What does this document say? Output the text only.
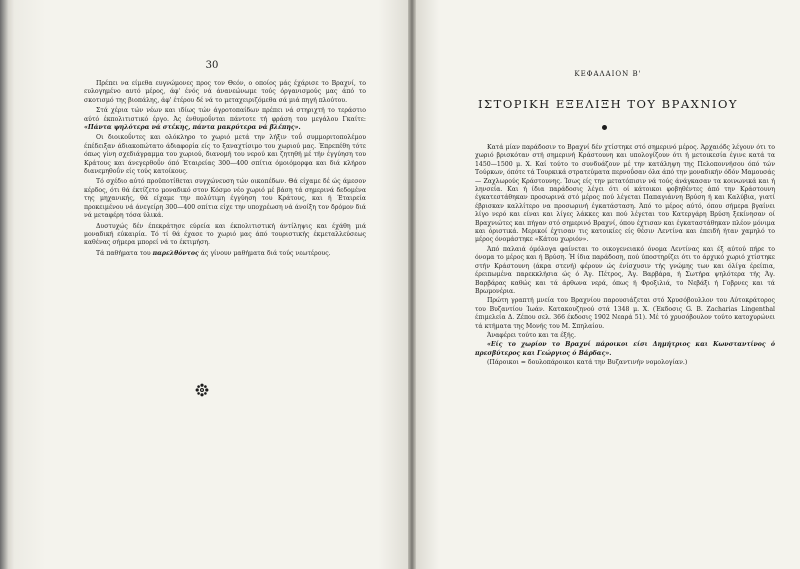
30

Πρέπει να είμεθα ευγνώμονες προς τον Θεόν, ο οποίος μάς έχάρισε το Βραχνί, το ευλογημένο αυτό μέρος, άφ' ένός νά άνανεώνωμε τούς όργανισμούς μας άπό το σκοτισμό της βιοπάλης, άφ' έτέρου δέ νά το μεταχειριζόμεθα σά μιά πηγή πλούτου.

Στά χέρια τών νέων και ιδίως τών άγροτοπαίδων πρέπει νά στηριχτή το τεράστιο αύτό έκπολιτιστικό έργο. Άς ένθυμοΰνται πάντοτε τή φράση του μεγάλου Γκαίτε: «Πάντα ψηλότερα νά στέκης, πάντα μακρύτερα νά βλέπης».

Οι διοικοΰντες και ολόκληρο το χωριό μετά την λήξιν τοΰ συμμοριτοπολέμου έπέδειξαν άδιακοπώτατο άδιαφορία είς το ξαναχτίσιμο του χωριού μας. Έπρεπέθη τότε όπως γίνη σχεδιάγραμμα του χωριού, διανομή του νερού και ζητηθή μέ τήν έγγύηση του Κράτους και άνεγερθοΰν όπό Έταιρείας 300—400 σπίτια όμοιόμορφα και διά κλήρου διανεμηθοΰν είς τούς κατοίκους.

Τό σχέδιο αύτό προϋποτίθεται συγχώνευση τών οικοπέδων. Θά είχαμε δέ ώς άμεσον κέρδος, ότι θά έκτίζετο μοναδικό στον Κόσμο νέο χωριό μέ βάση τά σημερινά δεδομένα της μηχανικής, θά είχαμε την πολύτιμη έγγύηση του Κράτους, και ή Έταιρεία προκειμένου νά άνεγείρη 300—400 σπίτια είχε την υποχρέωση νά άνοίξη τον δρόμον διά νά μεταφέρη τόσα ύλικά.

Δυστυχώς δέν έπεκράτησε εύρεία και έκπολιτιστική άντίληψις και έχάθη μιά μοναδική εύκαιρία. Τό τί θά έχασε το χωριό μας άπό τουριστικής έκμεταλλεύσεως καθένας σήμερα μπορεί νά το έκτιμήση.

Τά παθήματα του παρελθόντος άς γίνουν μαθήματα διά τούς νεωτέρους.

ΚΕΦΑΛΑΙΟΝ Β'
ΙΣΤΟΡΙΚΗ ΕΞΕΛΙΞΗ ΤΟΥ ΒΡΑΧΝΙΟΥ

Κατά μίαν παράδοσιν το Βραχνί δέν χτίστηκε στό σημερινό μέρος. Άρχαιόδς λέγουν ότι το χωριό βρισκόταν στή σημερινή Κράστουνη και υπολογίζουν ότι ή μετοικεσία έγινε κατά τα 1450—1500 μ. Χ. Καί τούτο το συνδυάζουν μέ την κατάληψη της Πελοποννήσου όπό τών Τούρκων, όπότε τά Τουρκικά στρατεύματα περνοΰσαν όλα άπό την μοναδικήν όδόν Μαμουσάς — Ζαχλωρούς Κράστουνης. Ίσως είς την μετατόπισιν νά τούς άνάγκασαν τα κοινωνικά και ή ληνσεία. Και ή ίδια παράδοσις λέγει ότι οί κάτοικοι φοβηθέντες άπό την Κράστουνη έγκατεστάθηκαν προσωρινά στό μέρος πού λέγεται Παπαγιάννη Βρύση ή και Καλύβια, γιατί έβρισκαν καλλίτερο να προσωρινή έγκατάσταση. Άπό το μέρος αύτό, όπου σήμερα βγαίνει λίγο νερό και είναι και λίγες λάκκες και πού λέγεται του Κατεργάρη Βρύση ξεκίνησαν οί Βραχνιώτες και πήγαν στό σημερινό Βραχνί, όπου έχτισαν και έγκαταστάθηκαν πλέον μόνιμα και όριστικά. Μερικοί έχτισαν τις κατοικίες είς θέσιν Λεντίνα και έπειδή ήταν χαμηλό το μέρος όνομάστηκε «Κάτου χωριόν».

Άπό παλαιά όμόλογα φαίνεται το οικογενειακό όνομα Λεντίνας και έξ αύτού πήρε το όνομα το μέρος και ή Βρύση. Ή ίδια παράδοση, πού ύποστηρίζει ότι το άρχικό χωριό χτίστηκε στήν Κράστουνη (άκρα στενή) φέρουν ώς ένίσχυσιν τής γνώμης των και όλίγα έρείπια, έρειπωμένα παρεκκλήσια ώς ό Άγ. Πέτρος, Άγ. Βαρβάρα, ή Σωτήρα ψηλότερα τής Άγ. Βαρβάρας καθώς και τά άρθωνα νερά, όπως ή Φροξιλιά, το Νεβάξι ή Γοβρνες και τά Βρωμονέρια.

Πρώτη γραπτή μνεία του Βραχνίου παρουσιάζεται στό Χρυσόβουλλον του Αύτοκράτορος του Βυζαντίου Ίωάν. Κατακουζηνού στά 1348 μ. Χ. (Έκδοσις G. B. Zacharias Lingenthal έπιμελεία Δ. Ζέπου σελ. 366 έκδοσις 1902 Νεαρά 51). Μέ τό χρυσόβουλον τούτο κατοχυρώνει τά κτήματα της Μονής του Μ. Σπηλαίου.

Άναφέρει τούτο και τα έξής.

«Είς το χωρίον το Βραχνί πάροικοι είσι Δημήτριος και Κωνσταντίνος ό πρεσβύτερος και Γεώργιος ό Βάρδας».

(Πάροικοι = δουλοπάροικοι κατά την Βυζαντινήν νομολογίαν.)
